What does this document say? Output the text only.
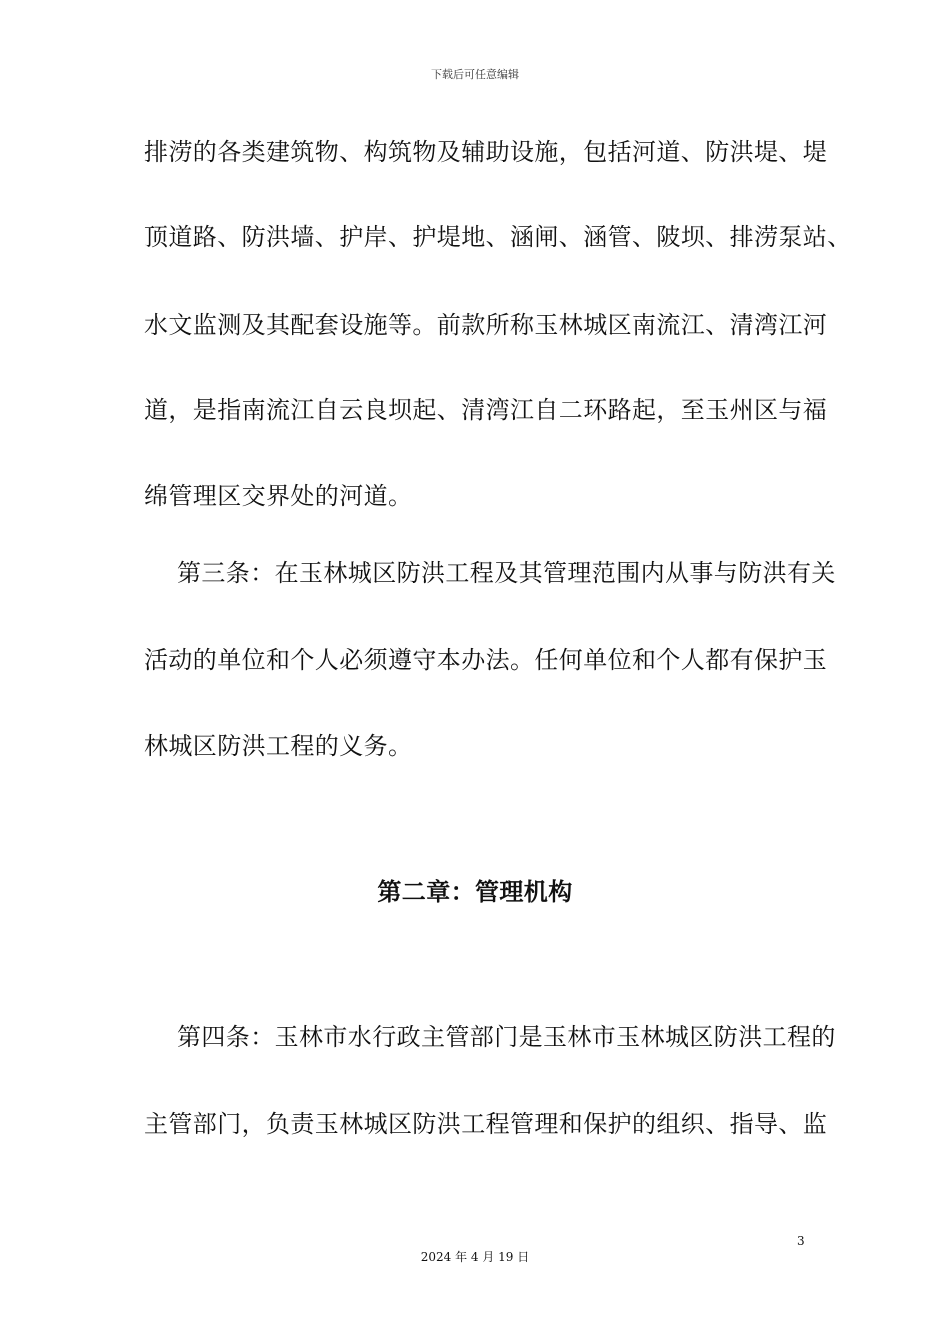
下载后可任意编辑
排涝的各类建筑物、构筑物及辅助设施，包括河道、防洪堤、堤
顶道路、防洪墙、护岸、护堤地、涵闸、涵管、陂坝、排涝泵站、
水文监测及其配套设施等。前款所称玉林城区南流江、清湾江河
道，是指南流江自云良坝起、清湾江自二环路起，至玉州区与福
绵管理区交界处的河道。
第三条：在玉林城区防洪工程及其管理范围内从事与防洪有关
活动的单位和个人必须遵守本办法。任何单位和个人都有保护玉
林城区防洪工程的义务。
第二章：管理机构
第四条：玉林市水行政主管部门是玉林市玉林城区防洪工程的
主管部门，负责玉林城区防洪工程管理和保护的组织、指导、监
3
2024 年 4 月 19 日
